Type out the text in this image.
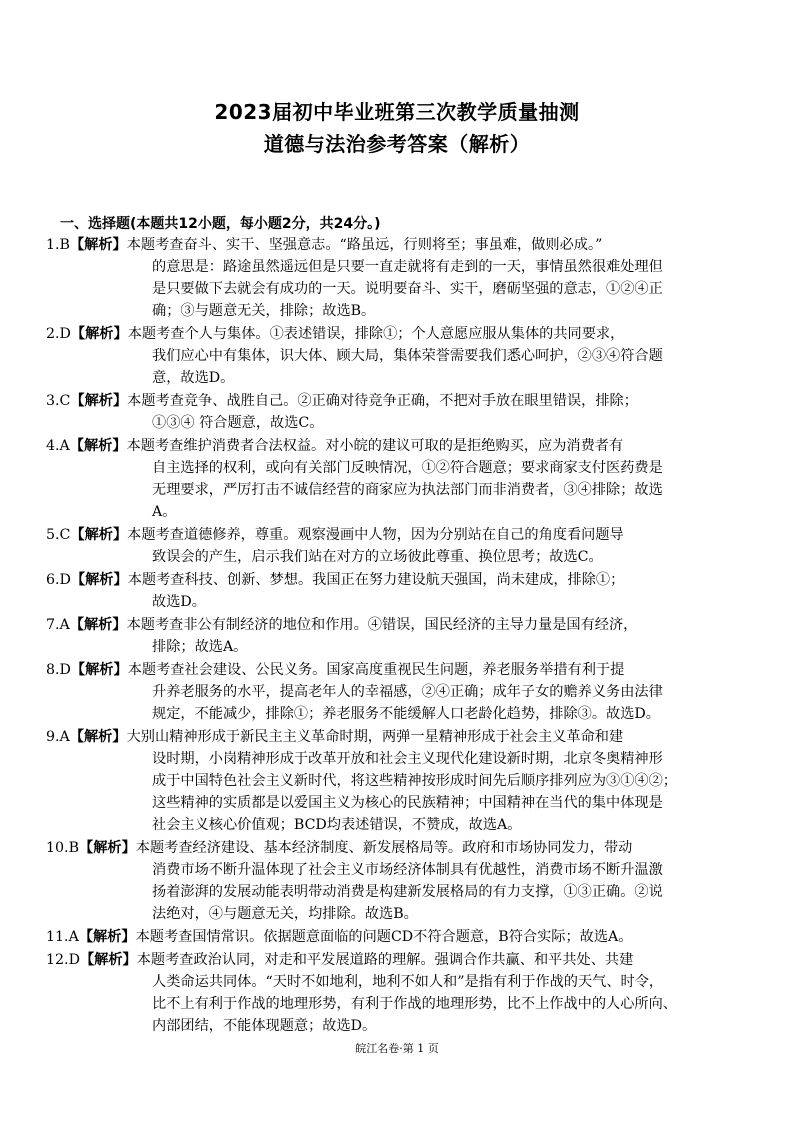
2023届初中毕业班第三次教学质量抽测
道德与法治参考答案（解析）
一、选择题(本题共12小题，每小题2分，共24分。)
1.B【解析】本题考查奋斗、实干、坚强意志。“路虽远，行则将至；事虽难，做则必成。”
的意思是：路途虽然遥远但是只要一直走就将有走到的一天，事情虽然很难处理但
是只要做下去就会有成功的一天。说明要奋斗、实干，磨砺坚强的意志，①②④正
确；③与题意无关，排除；故选B。
2.D【解析】本题考查个人与集体。①表述错误，排除①；个人意愿应服从集体的共同要求，
我们应心中有集体，识大体、顾大局，集体荣誉需要我们悉心呵护，②③④符合题
意，故选D。
3.C【解析】本题考查竞争、战胜自己。②正确对待竞争正确，不把对手放在眼里错误，排除；
①③④ 符合题意，故选C。
4.A【解析】本题考查维护消费者合法权益。对小皖的建议可取的是拒绝购买，应为消费者有
自主选择的权利，或向有关部门反映情况，①②符合题意；要求商家支付医药费是
无理要求，严厉打击不诚信经营的商家应为执法部门而非消费者，③④排除；故选
A。
5.C【解析】本题考查道德修养，尊重。观察漫画中人物，因为分别站在自己的角度看问题导
致误会的产生，启示我们站在对方的立场彼此尊重、换位思考；故选C。
6.D【解析】本题考查科技、创新、梦想。我国正在努力建设航天强国，尚未建成，排除①；
故选D。
7.A【解析】本题考查非公有制经济的地位和作用。④错误，国民经济的主导力量是国有经济，
排除；故选A。
8.D【解析】本题考查社会建设、公民义务。国家高度重视民生问题，养老服务举措有利于提
升养老服务的水平，提高老年人的幸福感，②④正确；成年子女的赡养义务由法律
规定，不能减少，排除①；养老服务不能缓解人口老龄化趋势，排除③。故选D。
9.A【解析】大别山精神形成于新民主主义革命时期，两弹一星精神形成于社会主义革命和建
设时期，小岗精神形成于改革开放和社会主义现代化建设新时期，北京冬奥精神形
成于中国特色社会主义新时代，将这些精神按形成时间先后顺序排列应为③①④②；
这些精神的实质都是以爱国主义为核心的民族精神；中国精神在当代的集中体现是
社会主义核心价值观；BCD均表述错误，不赞成，故选A。
10.B【解析】本题考查经济建设、基本经济制度、新发展格局等。政府和市场协同发力，带动
消费市场不断升温体现了社会主义市场经济体制具有优越性，消费市场不断升温激
扬着澎湃的发展动能表明带动消费是构建新发展格局的有力支撑，①③正确。②说
法绝对，④与题意无关，均排除。故选B。
11.A【解析】本题考查国情常识。依据题意面临的问题CD不符合题意，B符合实际；故选A。
12.D【解析】本题考查政治认同，对走和平发展道路的理解。强调合作共赢、和平共处、共建
人类命运共同体。“天时不如地利，地利不如人和”是指有利于作战的天气、时令，
比不上有利于作战的地理形势，有利于作战的地理形势，比不上作战中的人心所向、
内部团结，不能体现题意；故选D。
皖江名卷·第 1 页
